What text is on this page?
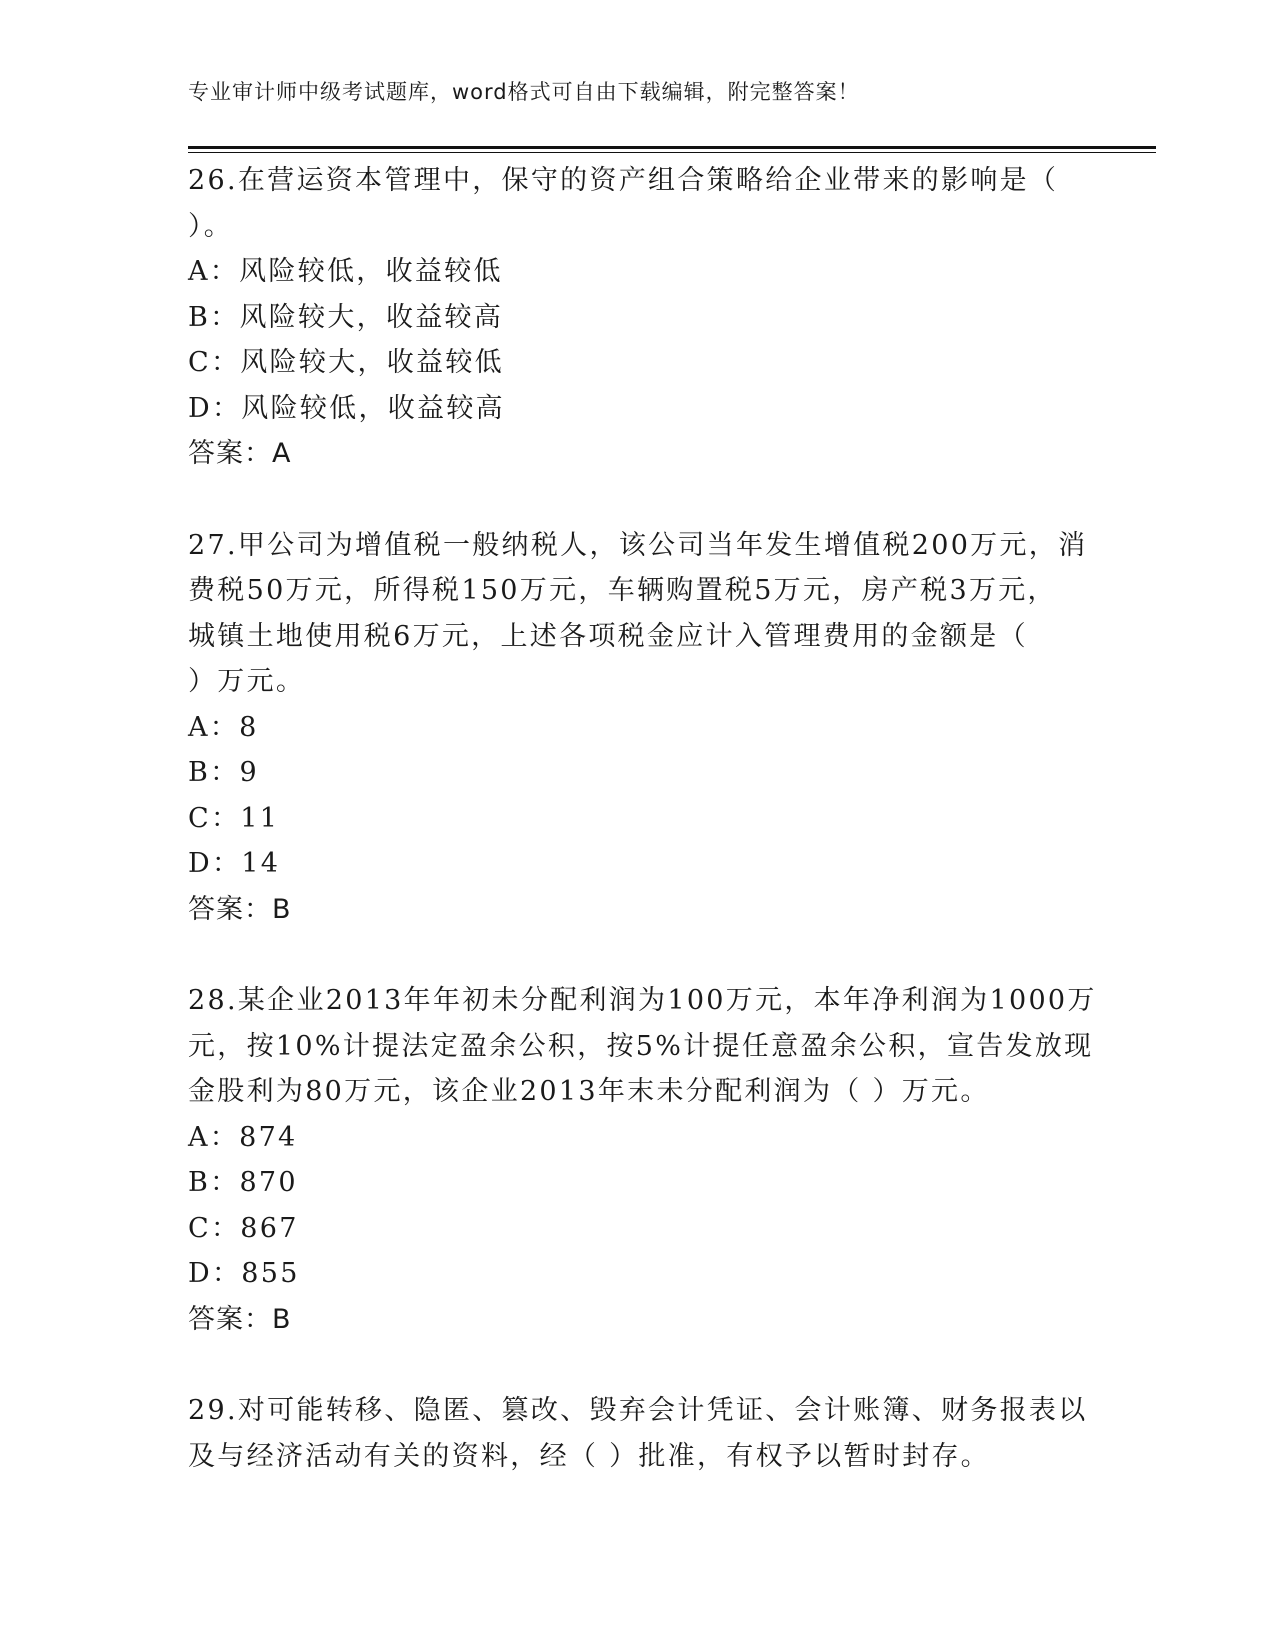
专业审计师中级考试题库，word格式可自由下载编辑，附完整答案！
26.在营运资本管理中，保守的资产组合策略给企业带来的影响是（
）。
A：风险较低，收益较低
B：风险较大，收益较高
C：风险较大，收益较低
D：风险较低，收益较高
答案：A
27.甲公司为增值税一般纳税人，该公司当年发生增值税200万元，消
费税50万元，所得税150万元，车辆购置税5万元，房产税3万元，
城镇土地使用税6万元，上述各项税金应计入管理费用的金额是（
）万元。
A：8
B：9
C：11
D：14
答案：B
28.某企业2013年年初未分配利润为100万元，本年净利润为1000万
元，按10%计提法定盈余公积，按5%计提任意盈余公积，宣告发放现
金股利为80万元，该企业2013年末未分配利润为（ ）万元。
A：874
B：870
C：867
D：855
答案：B
29.对可能转移、隐匿、篡改、毁弃会计凭证、会计账簿、财务报表以
及与经济活动有关的资料，经（ ）批准，有权予以暂时封存。
